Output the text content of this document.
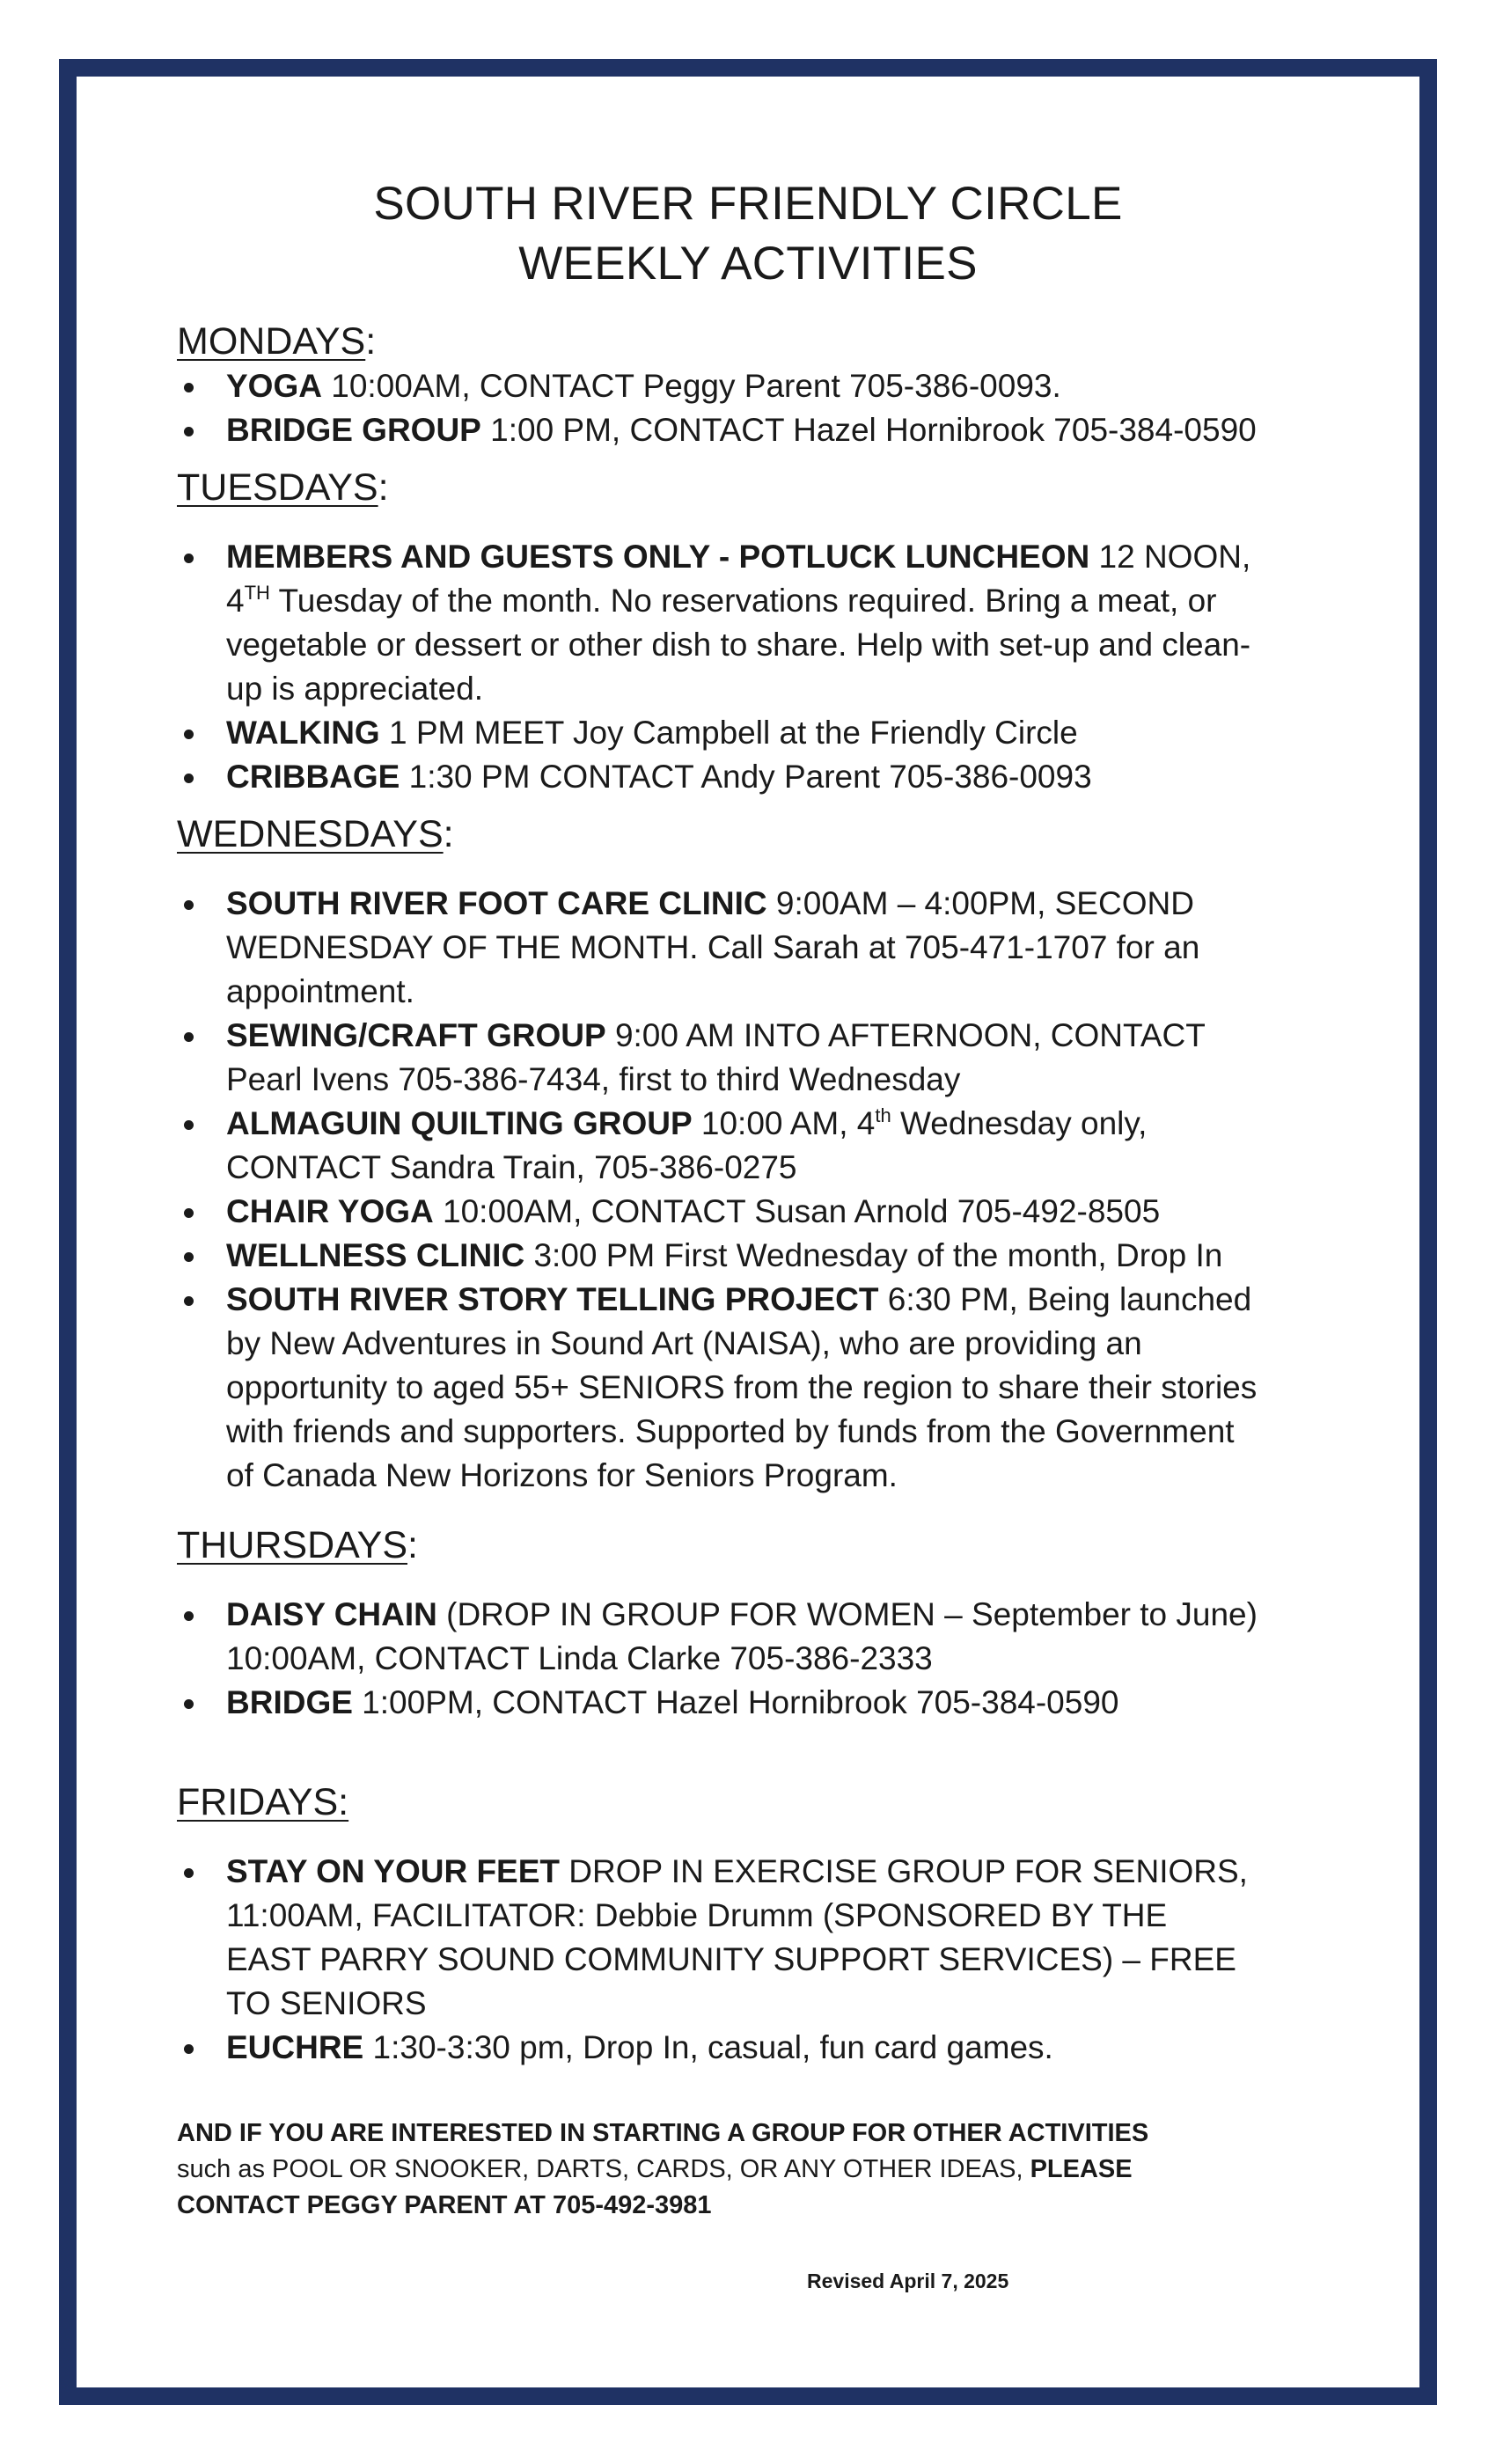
SOUTH RIVER FRIENDLY CIRCLE
WEEKLY ACTIVITIES
MONDAYS:
YOGA 10:00AM, CONTACT Peggy Parent 705-386-0093.
BRIDGE GROUP 1:00 PM, CONTACT Hazel Hornibrook 705-384-0590
TUESDAYS:
MEMBERS AND GUESTS ONLY - POTLUCK LUNCHEON 12 NOON,
4TH Tuesday of the month. No reservations required. Bring a meat, or
vegetable or dessert or other dish to share. Help with set-up and clean-
up is appreciated.
WALKING 1 PM MEET Joy Campbell at the Friendly Circle
CRIBBAGE 1:30 PM CONTACT Andy Parent 705-386-0093
WEDNESDAYS:
SOUTH RIVER FOOT CARE CLINIC 9:00AM – 4:00PM, SECOND
WEDNESDAY OF THE MONTH. Call Sarah at 705-471-1707 for an
appointment.
SEWING/CRAFT GROUP 9:00 AM INTO AFTERNOON, CONTACT
Pearl Ivens 705-386-7434, first to third Wednesday
ALMAGUIN QUILTING GROUP 10:00 AM, 4th Wednesday only,
CONTACT Sandra Train, 705-386-0275
CHAIR YOGA 10:00AM, CONTACT Susan Arnold 705-492-8505
WELLNESS CLINIC 3:00 PM First Wednesday of the month, Drop In
SOUTH RIVER STORY TELLING PROJECT 6:30 PM, Being launched
by New Adventures in Sound Art (NAISA), who are providing an
opportunity to aged 55+ SENIORS from the region to share their stories
with friends and supporters. Supported by funds from the Government
of Canada New Horizons for Seniors Program.
THURSDAYS:
DAISY CHAIN (DROP IN GROUP FOR WOMEN – September to June)
10:00AM, CONTACT Linda Clarke 705-386-2333
BRIDGE 1:00PM, CONTACT Hazel Hornibrook 705-384-0590
FRIDAYS:
STAY ON YOUR FEET DROP IN EXERCISE GROUP FOR SENIORS,
11:00AM, FACILITATOR: Debbie Drumm (SPONSORED BY THE
EAST PARRY SOUND COMMUNITY SUPPORT SERVICES) – FREE
TO SENIORS
EUCHRE 1:30-3:30 pm, Drop In, casual, fun card games.
AND IF YOU ARE INTERESTED IN STARTING A GROUP FOR OTHER ACTIVITIES
such as POOL OR SNOOKER, DARTS, CARDS, OR ANY OTHER IDEAS, PLEASE
CONTACT PEGGY PARENT AT 705-492-3981
Revised April 7, 2025
